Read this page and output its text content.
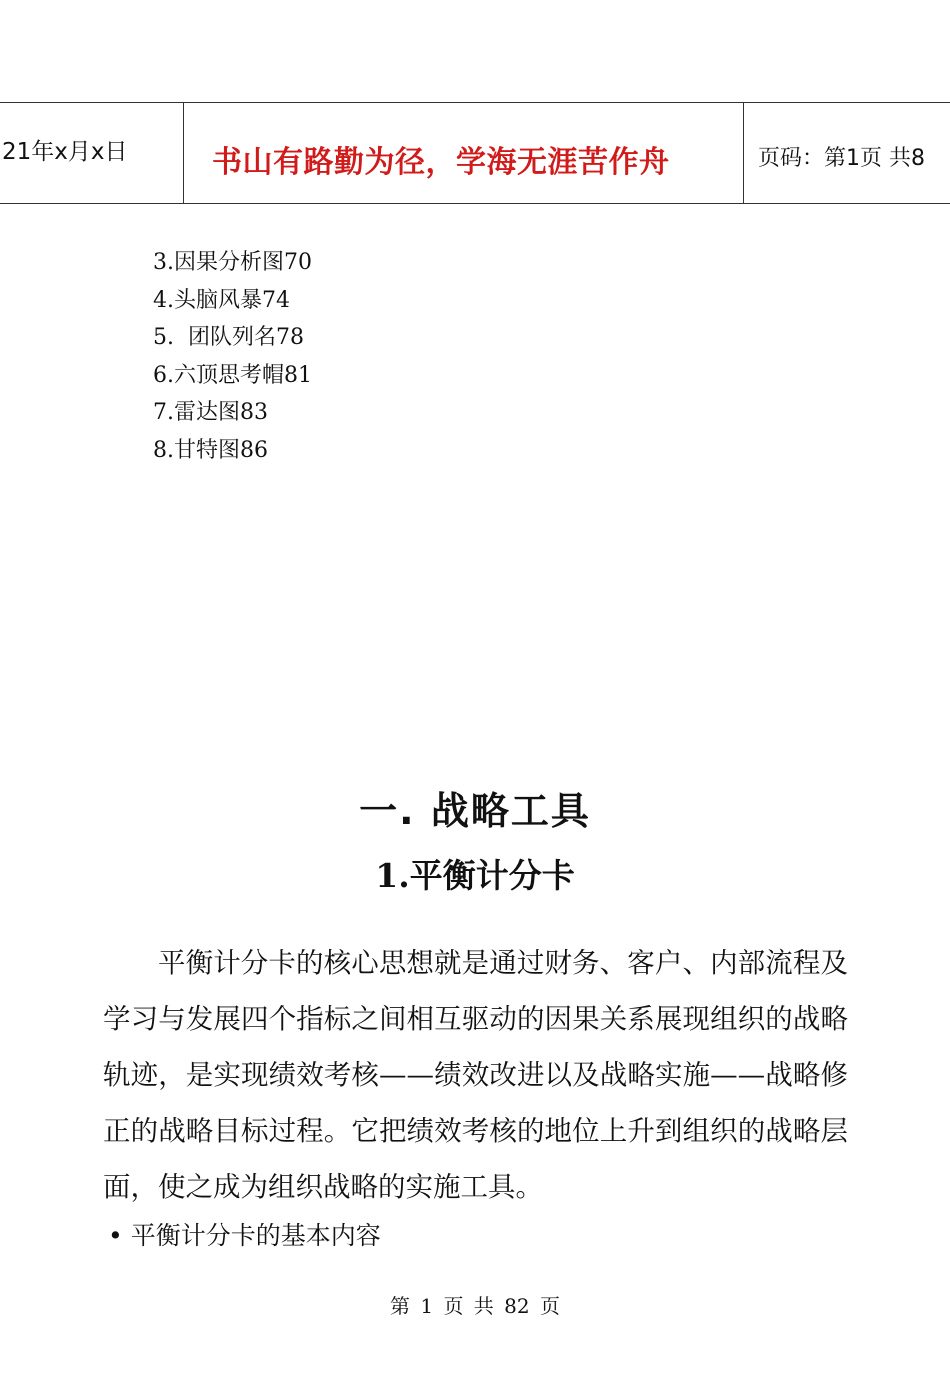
21年x月x日	书山有路勤为径，学海无涯苦作舟	页码：第1页 共8
3.因果分析图70
4.头脑风暴74
5.  团队列名78
6.六顶思考帽81
7.雷达图83
8.甘特图86
一. 战略工具
1.平衡计分卡

平衡计分卡的核心思想就是通过财务、客户、内部流程及学习与发展四个指标之间相互驱动的因果关系展现组织的战略轨迹，是实现绩效考核——绩效改进以及战略实施——战略修正的战略目标过程。它把绩效考核的地位上升到组织的战略层面，使之成为组织战略的实施工具。

• 平衡计分卡的基本内容
第 1 页 共 82 页
